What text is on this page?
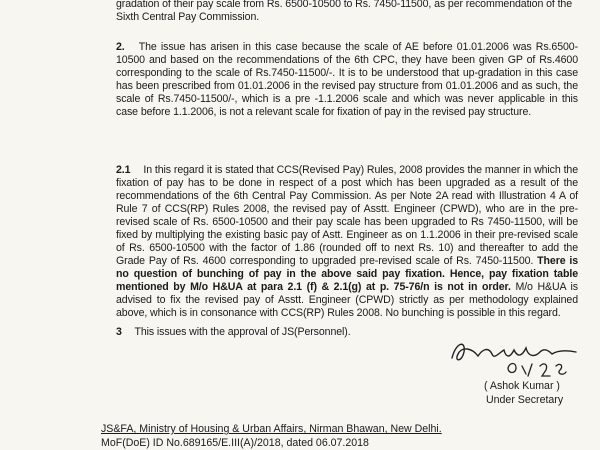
gradation of their pay scale from Rs. 6500-10500 to Rs. 7450-11500, as per recommendation of the
Sixth Central Pay Commission.

2. The issue has arisen in this case because the scale of AE before 01.01.2006 was Rs.6500-10500 and based on the recommendations of the 6th CPC, they have been given GP of Rs.4600 corresponding to the scale of Rs.7450-11500/-. It is to be understood that up-gradation in this case has been prescribed from 01.01.2006 in the revised pay structure from 01.01.2006 and as such, the scale of Rs.7450-11500/-, which is a pre -1.1.2006 scale and which was never applicable in this case before 1.1.2006, is not a relevant scale for fixation of pay in the revised pay structure.

2.1 In this regard it is stated that CCS(Revised Pay) Rules, 2008 provides the manner in which the fixation of pay has to be done in respect of a post which has been upgraded as a result of the recommendations of the 6th Central Pay Commission. As per Note 2A read with Illustration 4 A of Rule 7 of CCS(RP) Rules 2008, the revised pay of Asstt. Engineer (CPWD), who are in the pre-revised scale of Rs. 6500-10500 and their pay scale has been upgraded to Rs 7450-11500, will be fixed by multiplying the existing basic pay of Astt. Engineer as on 1.1.2006 in their pre-revised scale of Rs. 6500-10500 with the factor of 1.86 (rounded off to next Rs. 10) and thereafter to add the Grade Pay of Rs. 4600 corresponding to upgraded pre-revised scale of Rs. 7450-11500. There is no question of bunching of pay in the above said pay fixation. Hence, pay fixation table mentioned by M/o H&UA at para 2.1 (f) & 2.1(g) at p. 75-76/n is not in order. M/o H&UA is advised to fix the revised pay of Asstt. Engineer (CPWD) strictly as per methodology explained above, which is in consonance with CCS(RP) Rules 2008. No bunching is possible in this regard.

3 This issues with the approval of JS(Personnel).

( Ashok Kumar )
Under Secretary
JS&FA, Ministry of Housing & Urban Affairs, Nirman Bhawan, New Delhi.
MoF(DoE) ID No.689165/E.III(A)/2018, dated 06.07.2018
